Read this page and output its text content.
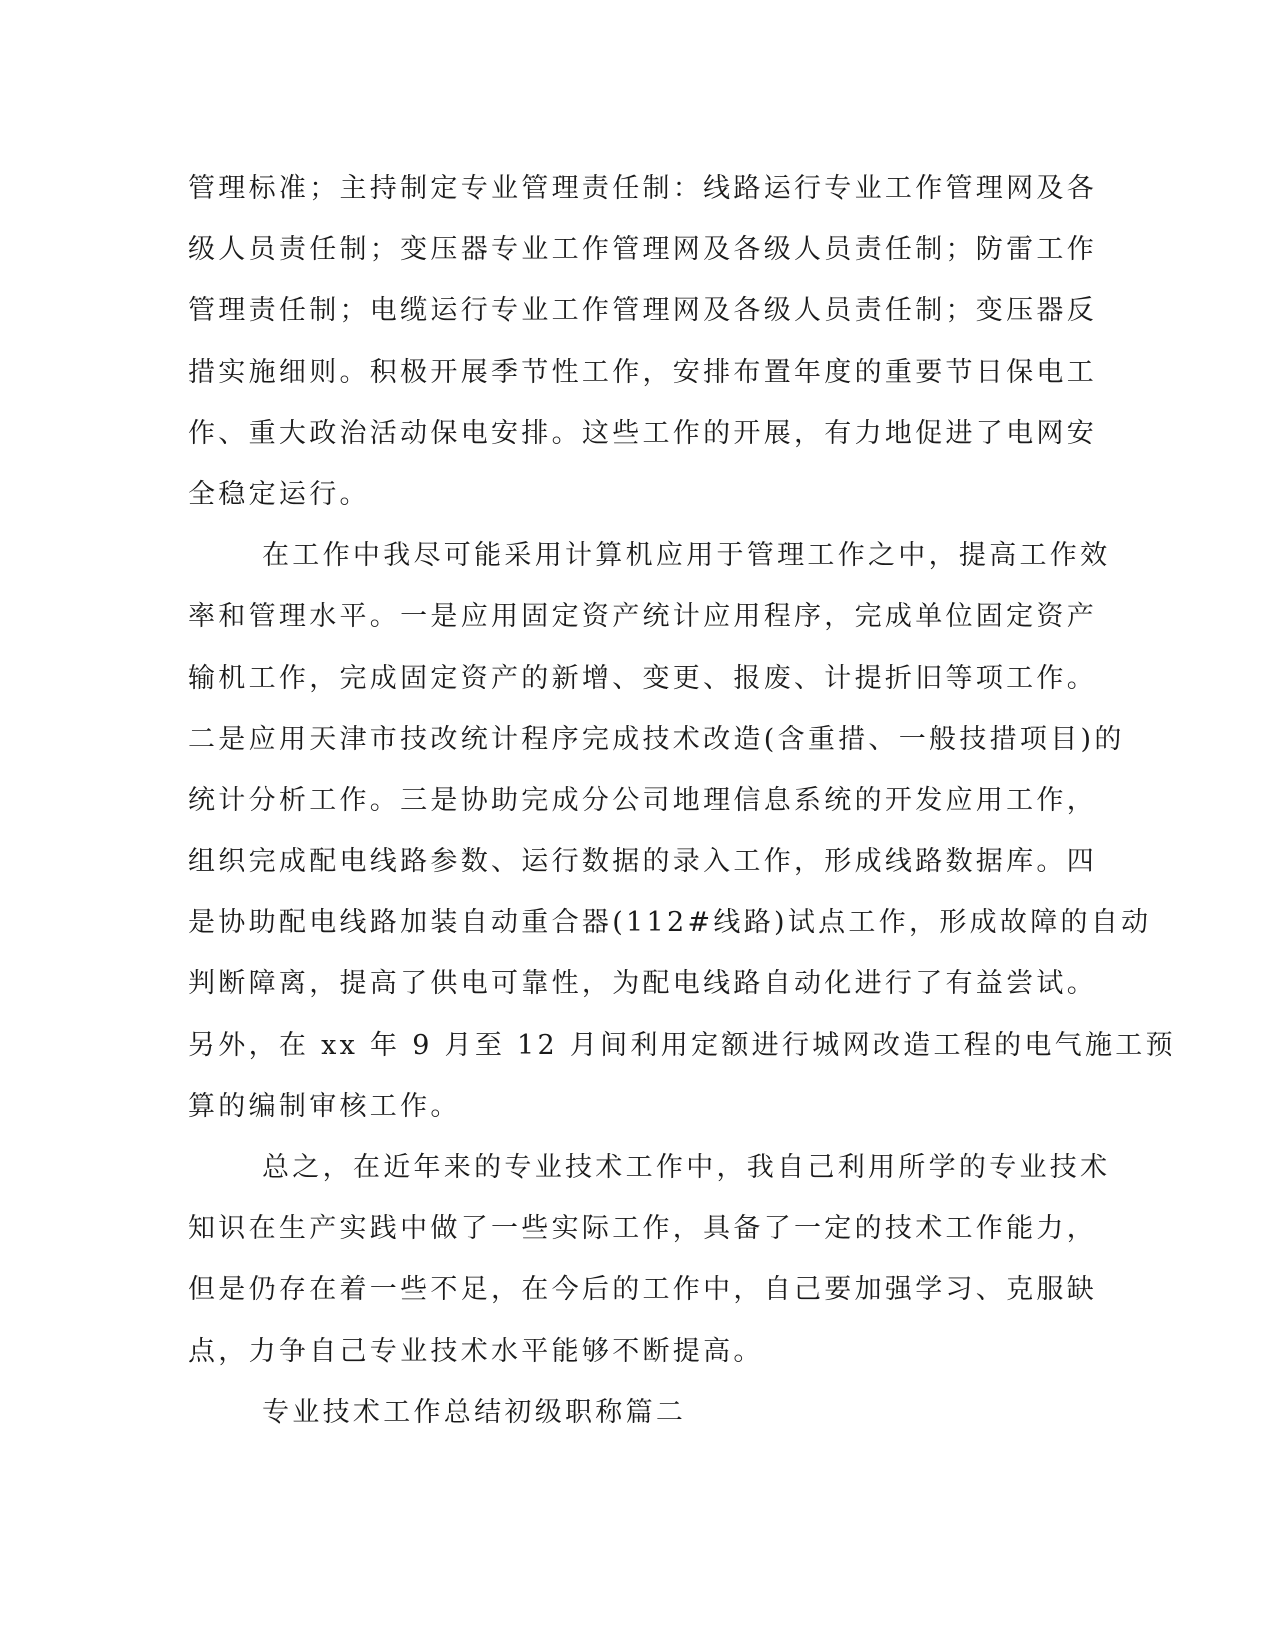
管理标准；主持制定专业管理责任制：线路运行专业工作管理网及各
级人员责任制；变压器专业工作管理网及各级人员责任制；防雷工作
管理责任制；电缆运行专业工作管理网及各级人员责任制；变压器反
措实施细则。积极开展季节性工作，安排布置年度的重要节日保电工
作、重大政治活动保电安排。这些工作的开展，有力地促进了电网安
全稳定运行。
在工作中我尽可能采用计算机应用于管理工作之中，提高工作效
率和管理水平。一是应用固定资产统计应用程序，完成单位固定资产
输机工作，完成固定资产的新增、变更、报废、计提折旧等项工作。
二是应用天津市技改统计程序完成技术改造(含重措、一般技措项目)的
统计分析工作。三是协助完成分公司地理信息系统的开发应用工作，
组织完成配电线路参数、运行数据的录入工作，形成线路数据库。四
是协助配电线路加装自动重合器(112#线路)试点工作，形成故障的自动
判断障离，提高了供电可靠性，为配电线路自动化进行了有益尝试。
另外，在 xx 年 9 月至 12 月间利用定额进行城网改造工程的电气施工预
算的编制审核工作。
总之，在近年来的专业技术工作中，我自己利用所学的专业技术
知识在生产实践中做了一些实际工作，具备了一定的技术工作能力，
但是仍存在着一些不足，在今后的工作中，自己要加强学习、克服缺
点，力争自己专业技术水平能够不断提高。
专业技术工作总结初级职称篇二
